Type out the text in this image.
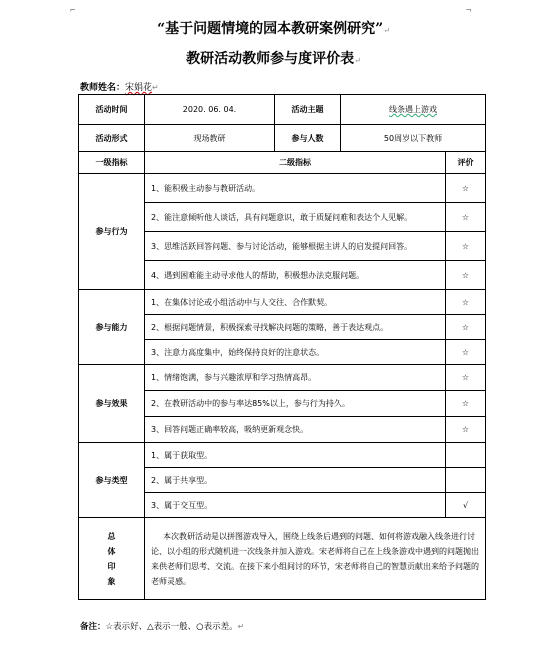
⌐	¬
“基于问题情境的园本教研案例研究”↵
教研活动教师参与度评价表↵
教师姓名：宋娟花↵
活动时间	2020. 06. 04.	活动主题	线条遇上游戏	
活动形式	现场教研	参与人数	50周岁以下教师	
一级指标	二级指标			评价
参与行为	1、能积极主动参与教研活动。			☆
	2、能注意倾听他人谈话，具有问题意识，敢于质疑问难和表达个人见解。			☆
	3、思维活跃回答问题、参与讨论活动，能够根据主讲人的启发提问回答。			☆
	4、遇到困难能主动寻求他人的帮助，积极想办法克服问题。			☆
参与能力	1、在集体讨论或小组活动中与人交往、合作默契。			☆
	2、根据问题情景，积极探索寻找解决问题的策略，善于表达观点。			☆
	3、注意力高度集中，始终保持良好的注意状态。			☆
参与效果	1、情绪饱满，参与兴趣浓厚和学习热情高昂。			☆
	2、在教研活动中的参与率达85%以上，参与行为持久。			☆
	3、回答问题正确率较高，吸纳更新观念快。			☆
参与类型	1、属于获取型。			
	2、属于共享型。			
	3、属于交互型。			√

总
体
印
象	本次教研活动是以拼图游戏导入，围绕上线条后遇到的问题、如何将游戏融入线条进行讨论、以小组的形式随机进一次线条并加入游戏。宋老师将自己在上线条游戏中遇到的问题抛出来供老师们思考、交流。在接下来小组间讨的环节，宋老师将自己的智慧贡献出来给予问题的老师灵感。			
备注：☆表示好、△表示一般、○表示差。↵
